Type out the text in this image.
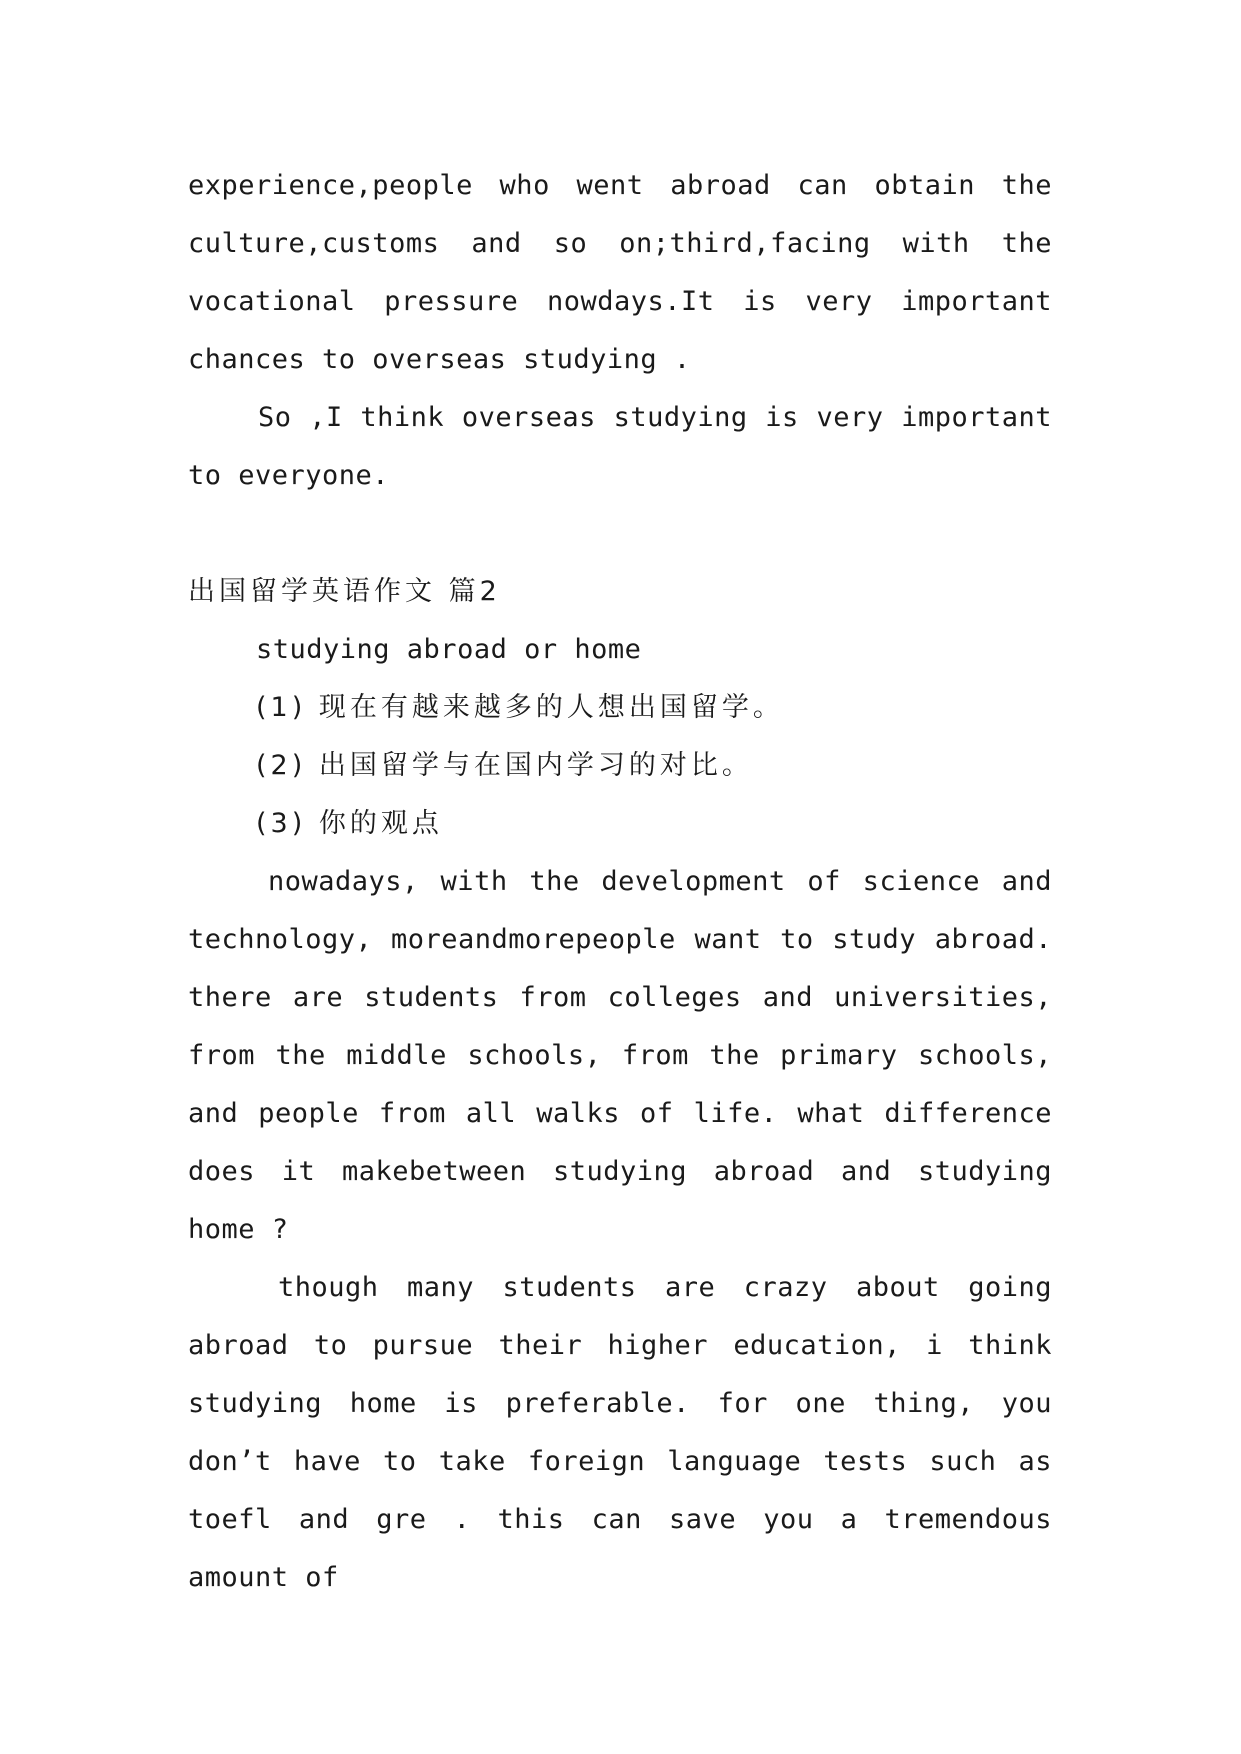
experience,people who went abroad can obtain the culture,customs and so on;third,facing with the vocational pressure nowdays.It is very important chances to overseas studying .

So ,I think overseas studying is very important to everyone.

出国留学英语作文 篇2

studying abroad or home

(1) 现在有越来越多的人想出国留学。

(2) 出国留学与在国内学习的对比。

(3) 你的观点

nowadays, with the development of science and technology, moreandmorepeople want to study abroad. there are students from colleges and universities, from the middle schools, from the primary schools, and people from all walks of life. what difference does it makebetween studying abroad and studying home ?

though many students are crazy about going abroad to pursue their higher education, i think studying home is preferable. for one thing, you don’t have to take foreign language tests such as toefl and gre . this can save you a tremendous amount of
